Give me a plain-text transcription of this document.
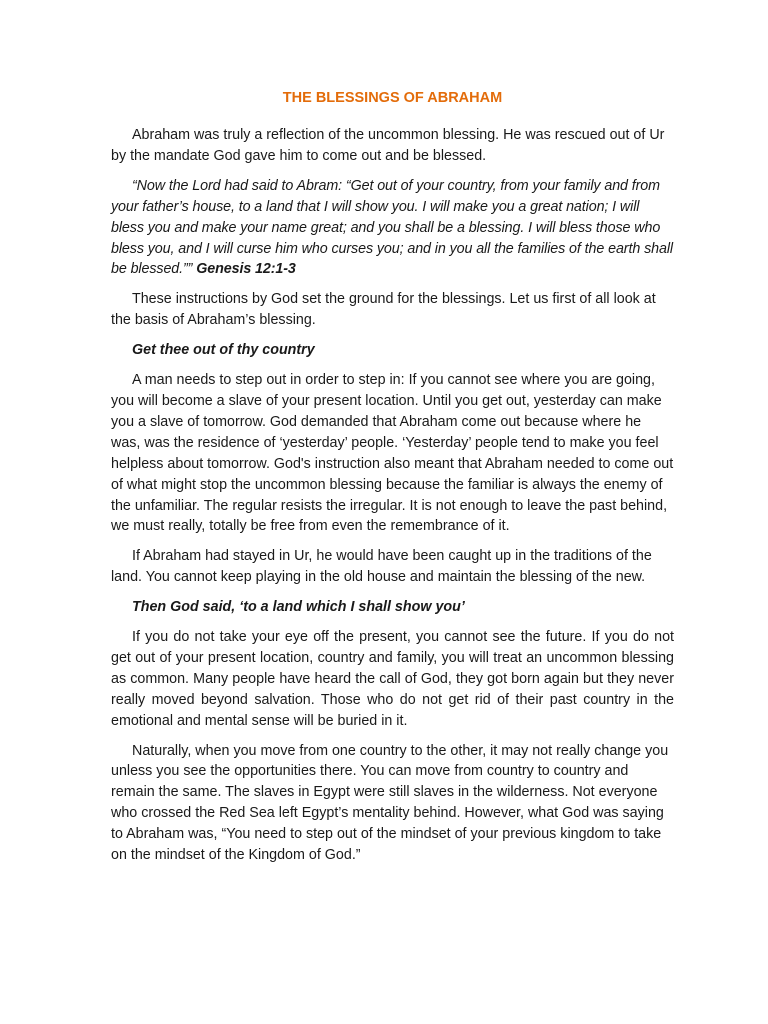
THE BLESSINGS OF ABRAHAM

Abraham was truly a reflection of the uncommon blessing. He was rescued out of Ur by the mandate God gave him to come out and be blessed.

“Now the Lord had said to Abram: “Get out of your country, from your family and from your father’s house, to a land that I will show you. I will make you a great nation; I will bless you and make your name great; and you shall be a blessing. I will bless those who bless you, and I will curse him who curses you; and in you all the families of the earth shall be blessed.”” Genesis 12:1-3

These instructions by God set the ground for the blessings. Let us first of all look at the basis of Abraham’s blessing.

Get thee out of thy country

A man needs to step out in order to step in: If you cannot see where you are going, you will become a slave of your present location. Until you get out, yesterday can make you a slave of tomorrow. God demanded that Abraham come out because where he was, was the residence of ‘yesterday’ people. ‘Yesterday’ people tend to make you feel helpless about tomorrow. God's instruction also meant that Abraham needed to come out of what might stop the uncommon blessing because the familiar is always the enemy of the unfamiliar. The regular resists the irregular. It is not enough to leave the past behind, we must really, totally be free from even the remembrance of it.

If Abraham had stayed in Ur, he would have been caught up in the traditions of the land. You cannot keep playing in the old house and maintain the blessing of the new.

Then God said, ‘to a land which I shall show you’

If you do not take your eye off the present, you cannot see the future. If you do not get out of your present location, country and family, you will treat an uncommon blessing as common. Many people have heard the call of God, they got born again but they never really moved beyond salvation. Those who do not get rid of their past country in the emotional and mental sense will be buried in it.

Naturally, when you move from one country to the other, it may not really change you unless you see the opportunities there. You can move from country to country and remain the same. The slaves in Egypt were still slaves in the wilderness. Not everyone who crossed the Red Sea left Egypt’s mentality behind. However, what God was saying to Abraham was, “You need to step out of the mindset of your previous kingdom to take on the mindset of the Kingdom of God.”
